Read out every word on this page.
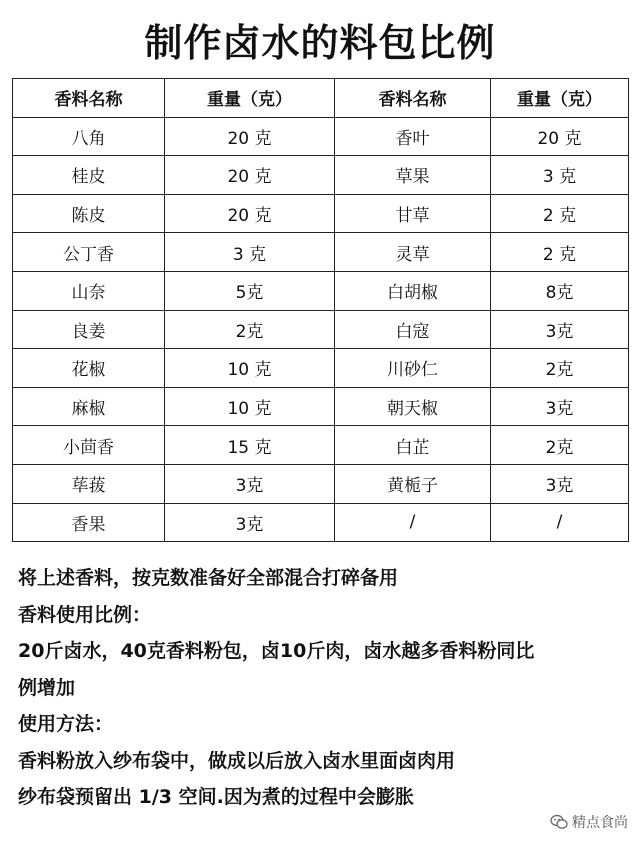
制作卤水的料包比例
香料名称	重量（克）	香料名称	重量（克）
八角	20 克	香叶	20 克
桂皮	20 克	草果	3 克
陈皮	20 克	甘草	2 克
公丁香	3 克	灵草	2 克
山奈	5克	白胡椒	8克
良姜	2克	白寇	3克
花椒	10 克	川砂仁	2克
麻椒	10 克	朝天椒	3克
小茴香	15 克	白芷	2克
荜菝	3克	黄栀子	3克
香果	3克	/	/

将上述香料，按克数准备好全部混合打碎备用

香料使用比例：

20斤卤水，40克香料粉包，卤10斤肉，卤水越多香料粉同比

例增加

使用方法：

香料粉放入纱布袋中，做成以后放入卤水里面卤肉用

纱布袋预留出 1/3 空间.因为煮的过程中会膨胀

精点食尚
